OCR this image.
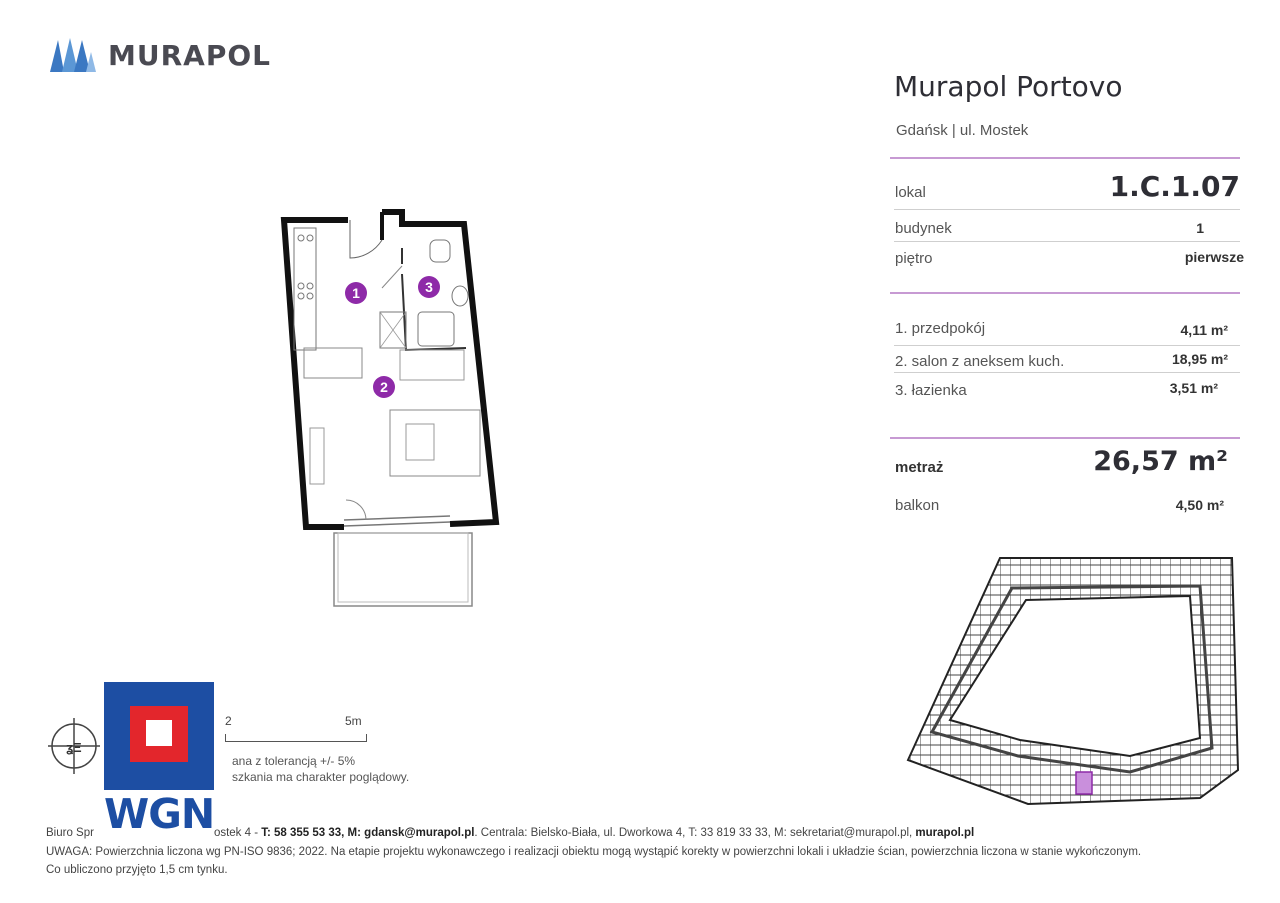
MURAPOL
Murapol Portovo
Gdańsk | ul. Mostek
lokal	1.C.1.07
budynek	1
piętro	pierwsze
1. przedpokój	4,11 m²
2. salon z aneksem kuch.	18,95 m²
3. łazienka	3,51 m²
metraż	26,57 m²
balkon	4,50 m²
1
2
3
ʓΞ
2	5m
ana z tolerancją +/- 5%
szkania ma charakter poglądowy.
WGN
Biuro Spr	ostek 4 - T: 58 355 53 33, M: gdansk@murapol.pl. Centrala: Bielsko-Biała, ul. Dworkowa 4, T: 33 819 33 33, M: sekretariat@murapol.pl, murapol.pl
UWAGA: Powierzchnia liczona wg PN-ISO 9836; 2022. Na etapie projektu wykonawczego i realizacji obiektu mogą wystąpić korekty w powierzchni lokali i układzie ścian, powierzchnia liczona w stanie wykończonym.
Co ubliczono przyjęto 1,5 cm tynku.
